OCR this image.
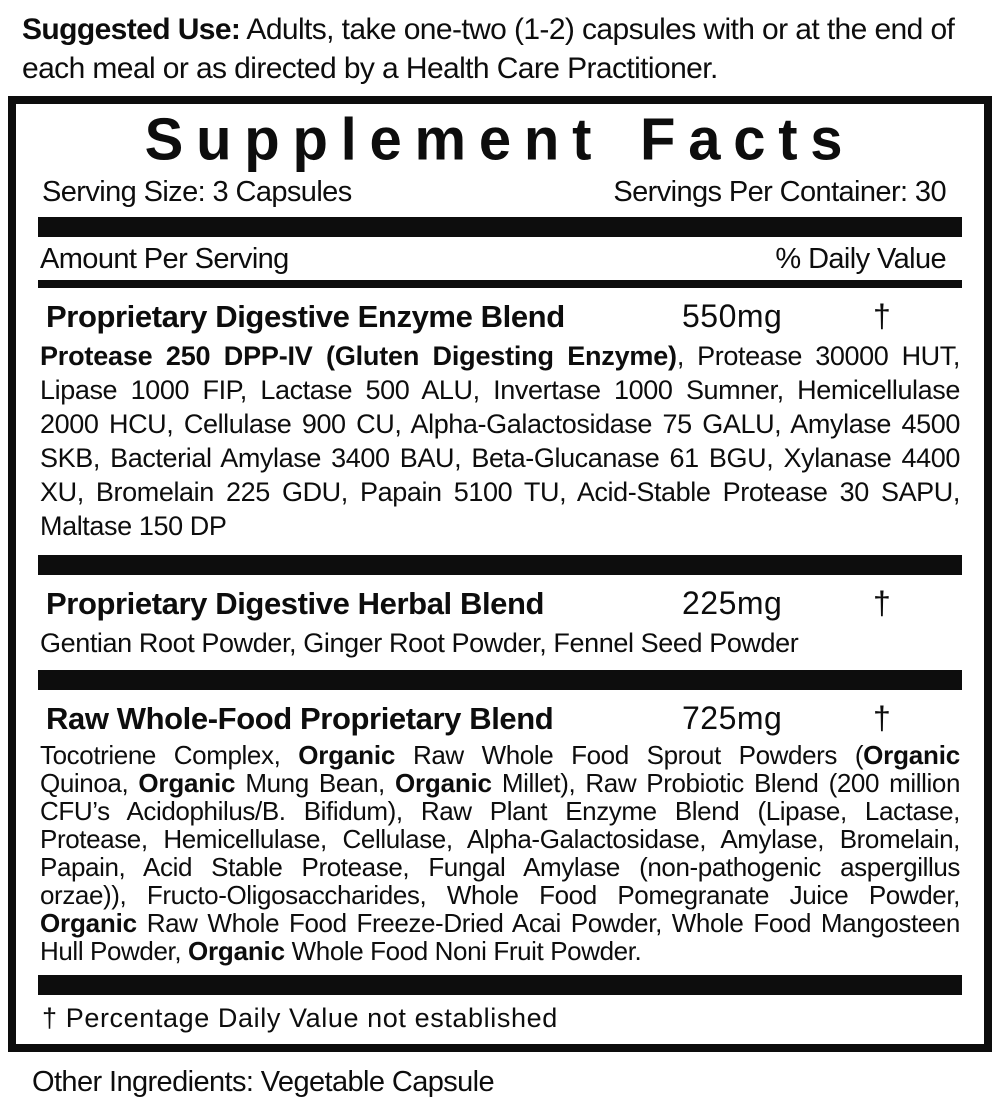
Suggested Use: Adults, take one-two (1-2) capsules with or at the end of each meal or as directed by a Health Care Practitioner.
Supplement Facts
Serving Size: 3 Capsules	Servings Per Container: 30
Amount Per Serving	% Daily Value
Proprietary Digestive Enzyme Blend	550mg	†
Protease 250 DPP-IV (Gluten Digesting Enzyme), Protease 30000 HUT, Lipase 1000 FIP, Lactase 500 ALU, Invertase 1000 Sumner, Hemicellulase 2000 HCU, Cellulase 900 CU, Alpha-Galactosidase 75 GALU, Amylase 4500 SKB, Bacterial Amylase 3400 BAU, Beta-Glucanase 61 BGU, Xylanase 4400 XU, Bromelain 225 GDU, Papain 5100 TU, Acid-Stable Protease 30 SAPU, Maltase 150 DP
Proprietary Digestive Herbal Blend	225mg	†
Gentian Root Powder, Ginger Root Powder, Fennel Seed Powder
Raw Whole-Food Proprietary Blend	725mg	†
Tocotriene Complex, Organic Raw Whole Food Sprout Powders (Organic Quinoa, Organic Mung Bean, Organic Millet), Raw Probiotic Blend (200 million CFU’s Acidophilus/B. Bifidum), Raw Plant Enzyme Blend (Lipase, Lactase, Protease, Hemicellulase, Cellulase, Alpha-Galactosidase, Amylase, Bromelain, Papain, Acid Stable Protease, Fungal Amylase (non-pathogenic aspergillus orzae)), Fructo-Oligosaccharides, Whole Food Pomegranate Juice Powder, Organic Raw Whole Food Freeze-Dried Acai Powder, Whole Food Mangosteen Hull Powder, Organic Whole Food Noni Fruit Powder.
† Percentage Daily Value not established
Other Ingredients: Vegetable Capsule
